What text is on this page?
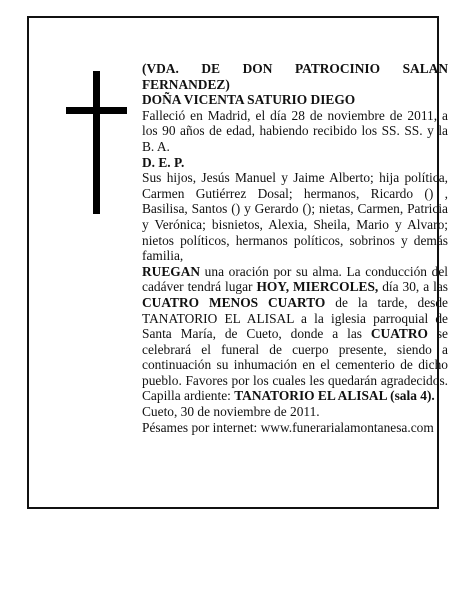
(VDA. DE DON PATROCINIO SALAN FERNANDEZ)

DOÑA VICENTA SATURIO DIEGO

Falleció en Madrid, el día 28 de noviembre de 2011, a los 90 años de edad, habiendo recibido los SS. SS. y la B. A.

D. E. P.

Sus hijos, Jesús Manuel y Jaime Alberto; hija política, Carmen Gutiérrez Dosal; hermanos, Ricardo () , Basilisa, Santos () y Gerardo (); nietas, Carmen, Patricia y Verónica; bisnietos, Alexia, Sheila, Mario y Alvaro; nietos políticos, hermanos políticos, sobrinos y demás familia,

RUEGAN una oración por su alma. La conducción del cadáver tendrá lugar HOY, MIERCOLES, día 30, a las CUATRO MENOS CUARTO de la tarde, desde TANATORIO EL ALISAL a la iglesia parroquial de Santa María, de Cueto, donde a las CUATRO se celebrará el funeral de cuerpo presente, siendo a continuación su inhumación en el cementerio de dicho pueblo. Favores por los cuales les quedarán agradecidos. Capilla ardiente: TANATORIO EL ALISAL (sala 4).

Cueto, 30 de noviembre de 2011.

Pésames por internet: www.funerarialamontanesa.com
